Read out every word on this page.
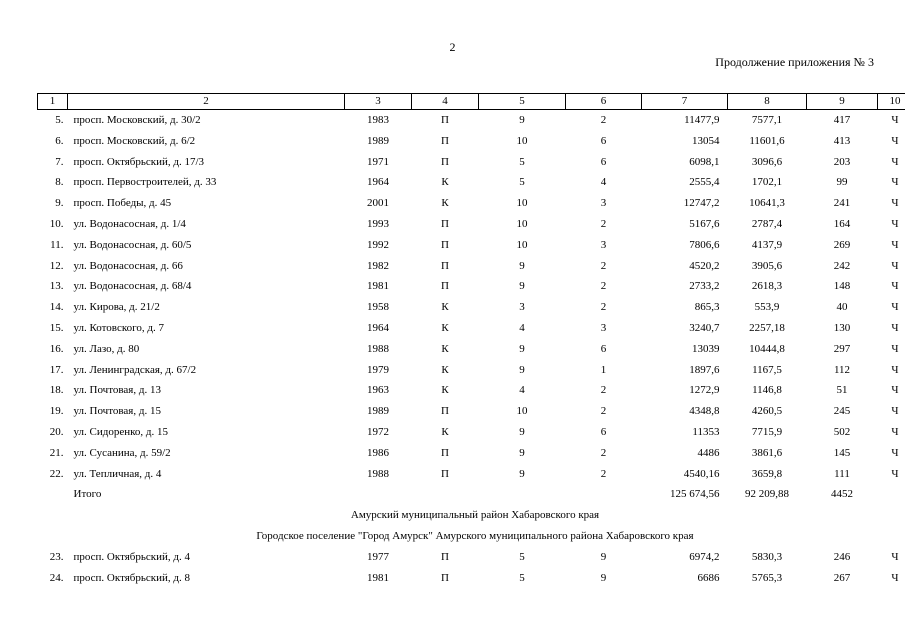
2
Продолжение приложения № 3
1	2	3	4	5	6	7	8	9	10
5.	просп. Московский, д. 30/2	1983	П	9	2	11477,9	7577,1	417	Ч
6.	просп. Московский, д. 6/2	1989	П	10	6	13054	11601,6	413	Ч
7.	просп. Октябрьский, д. 17/3	1971	П	5	6	6098,1	3096,6	203	Ч
8.	просп. Первостроителей, д. 33	1964	К	5	4	2555,4	1702,1	99	Ч
9.	просп. Победы, д. 45	2001	К	10	3	12747,2	10641,3	241	Ч
10.	ул. Водонасосная, д. 1/4	1993	П	10	2	5167,6	2787,4	164	Ч
11.	ул. Водонасосная, д. 60/5	1992	П	10	3	7806,6	4137,9	269	Ч
12.	ул. Водонасосная, д. 66	1982	П	9	2	4520,2	3905,6	242	Ч
13.	ул. Водонасосная, д. 68/4	1981	П	9	2	2733,2	2618,3	148	Ч
14.	ул. Кирова, д. 21/2	1958	К	3	2	865,3	553,9	40	Ч
15.	ул. Котовского, д. 7	1964	К	4	3	3240,7	2257,18	130	Ч
16.	ул. Лазо, д. 80	1988	К	9	6	13039	10444,8	297	Ч
17.	ул. Ленинградская, д. 67/2	1979	К	9	1	1897,6	1167,5	112	Ч
18.	ул. Почтовая, д. 13	1963	К	4	2	1272,9	1146,8	51	Ч
19.	ул. Почтовая, д. 15	1989	П	10	2	4348,8	4260,5	245	Ч
20.	ул. Сидоренко, д. 15	1972	К	9	6	11353	7715,9	502	Ч
21.	ул. Сусанина, д. 59/2	1986	П	9	2	4486	3861,6	145	Ч
22.	ул. Тепличная, д. 4	1988	П	9	2	4540,16	3659,8	111	Ч
	Итого					125 674,56	92 209,88	4452	
Амурский муниципальный район Хабаровского края									
Городское поселение "Город Амурск" Амурского муниципального района Хабаровского края									
23.	просп. Октябрьский, д. 4	1977	П	5	9	6974,2	5830,3	246	Ч
24.	просп. Октябрьский, д. 8	1981	П	5	9	6686	5765,3	267	Ч
